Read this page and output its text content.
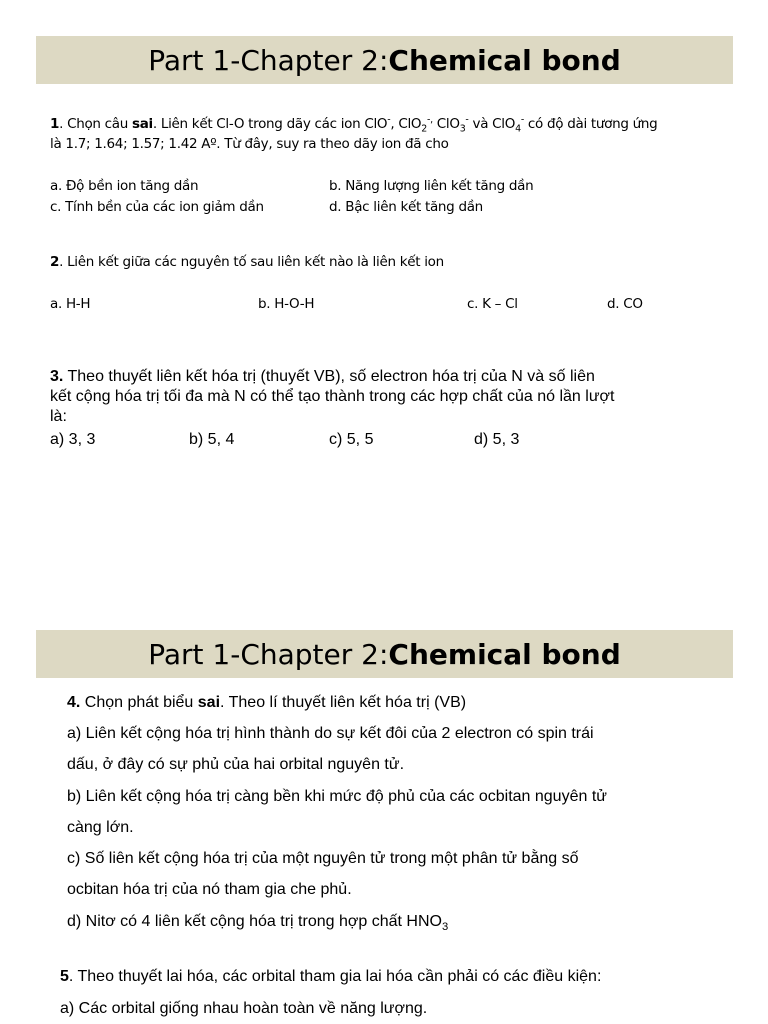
Part 1-Chapter 2: Chemical bond
1. Chọn câu sai. Liên kết Cl-O trong dãy các ion ClO-, ClO$_2$-, ClO$_3$- và ClO$_4$- có độ dài tương ứng
là 1.7; 1.64; 1.57; 1.42 Aº. Từ đây, suy ra theo dãy ion đã cho
a. Độ bền ion tăng dần	b. Năng lượng liên kết tăng dần
c. Tính bền của các ion giảm dần	d. Bậc liên kết tăng dần
2. Liên kết giữa các nguyên tố sau liên kết nào là liên kết ion
a. H-H	b. H-O-H	c. K – Cl	d. CO
3. Theo thuyết liên kết hóa trị (thuyết VB), số electron hóa trị của N và số liên
kết cộng hóa trị tối đa mà N có thể tạo thành trong các hợp chất của nó lần lượt
là:
a) 3, 3	b) 5, 4	c) 5, 5	d) 5, 3
Part 1-Chapter 2: Chemical bond
4. Chọn phát biểu sai. Theo lí thuyết liên kết hóa trị (VB)
a) Liên kết cộng hóa trị hình thành do sự kết đôi của 2 electron có spin trái
dấu, ở đây có sự phủ của hai orbital nguyên tử.
b) Liên kết cộng hóa trị càng bền khi mức độ phủ của các ocbitan nguyên tử
càng lớn.
c) Số liên kết cộng hóa trị của một nguyên tử trong một phân tử bằng số
ocbitan hóa trị của nó tham gia che phủ.
d) Nitơ có 4 liên kết cộng hóa trị trong hợp chất $HNO_3$
5. Theo thuyết lai hóa, các orbital tham gia lai hóa cần phải có các điều kiện:
a) Các orbital giống nhau hoàn toàn về năng lượng.
